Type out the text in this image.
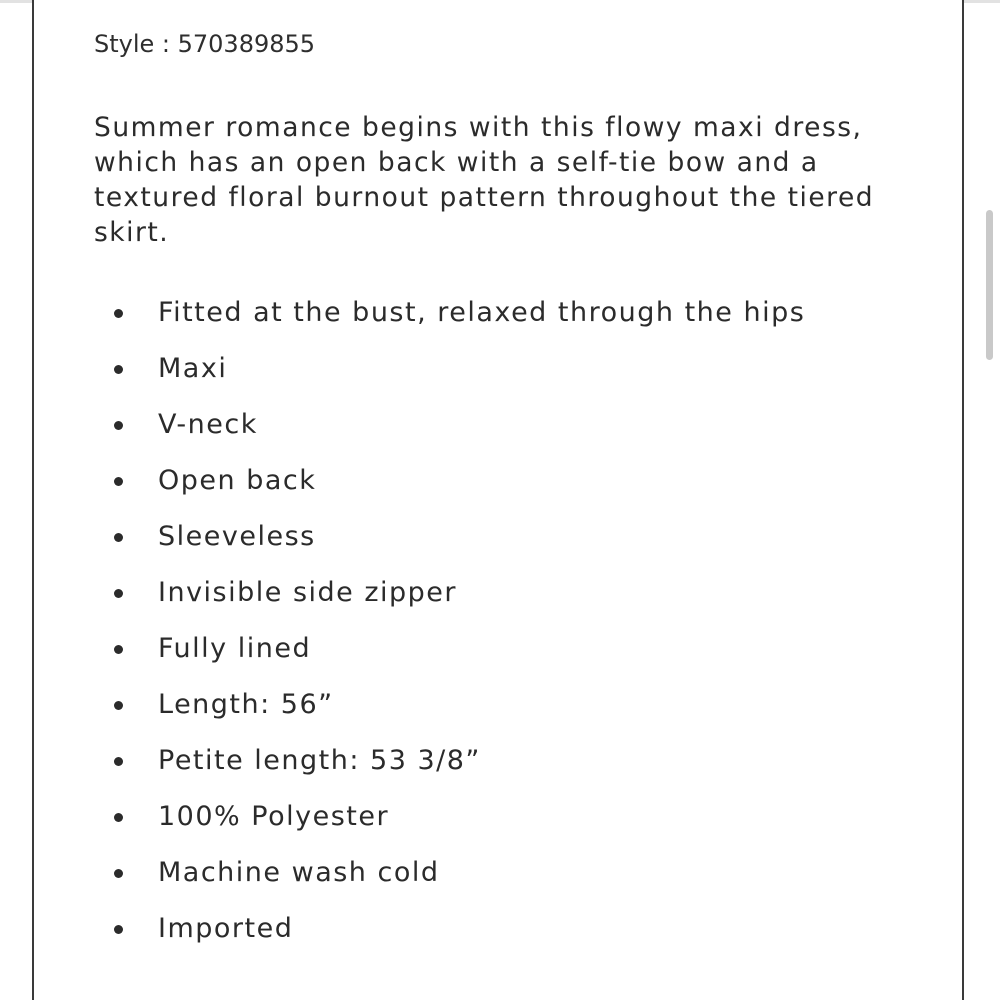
Style : 570389855

Summer romance begins with this flowy maxi dress, which has an open back with a self-tie bow and a textured floral burnout pattern throughout the tiered skirt.

Fitted at the bust, relaxed through the hips
Maxi
V-neck
Open back
Sleeveless
Invisible side zipper
Fully lined
Length: 56”
Petite length: 53 3/8”
100% Polyester
Machine wash cold
Imported
